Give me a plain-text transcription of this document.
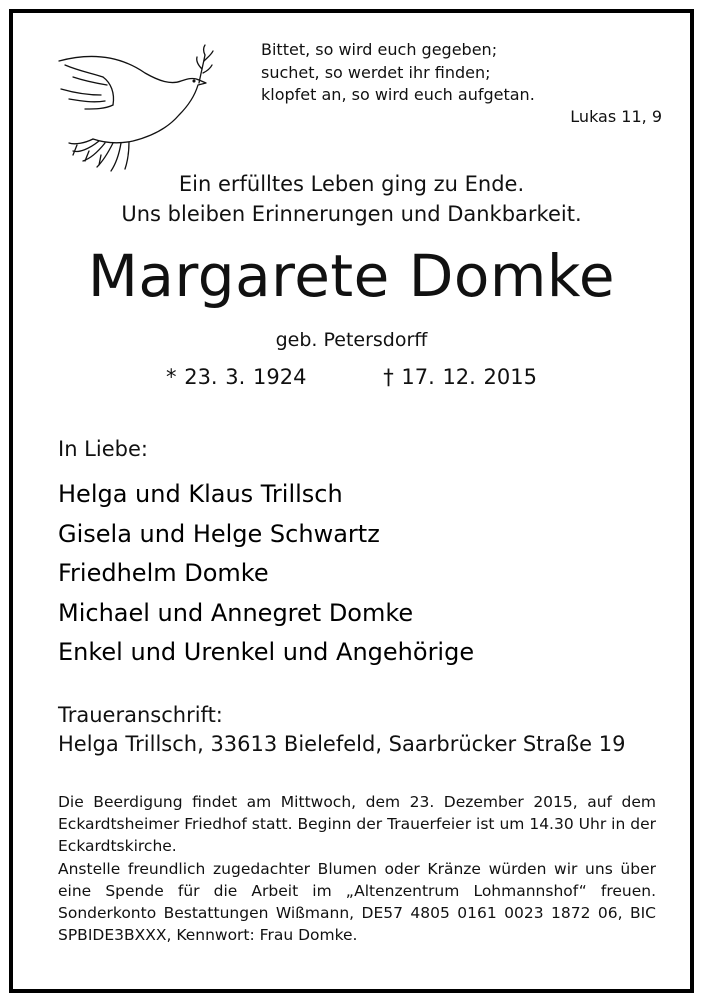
Bittet, so wird euch gegeben;
suchet, so werdet ihr finden;
klopfet an, so wird euch aufgetan.
Lukas 11, 9
Ein erfülltes Leben ging zu Ende.
Uns bleiben Erinnerungen und Dankbarkeit.
Margarete Domke
geb. Petersdorff
* 23. 3. 1924	† 17. 12. 2015
In Liebe:
Helga und Klaus Trillsch
Gisela und Helge Schwartz
Friedhelm Domke
Michael und Annegret Domke
Enkel und Urenkel und Angehörige
Traueranschrift:
Helga Trillsch, 33613 Bielefeld, Saarbrücker Straße 19

Die Beerdigung findet am Mittwoch, dem 23. Dezember 2015, auf dem Eckardtsheimer Friedhof statt. Beginn der Trauerfeier ist um 14.30 Uhr in der Eckardtskirche.

Anstelle freundlich zugedachter Blumen oder Kränze würden wir uns über eine Spende für die Arbeit im „Altenzentrum Lohmannshof“ freuen. Sonderkonto Bestattungen Wißmann, DE57 4805 0161 0023 1872 06, BIC SPBIDE3BXXX, Kennwort: Frau Domke.
